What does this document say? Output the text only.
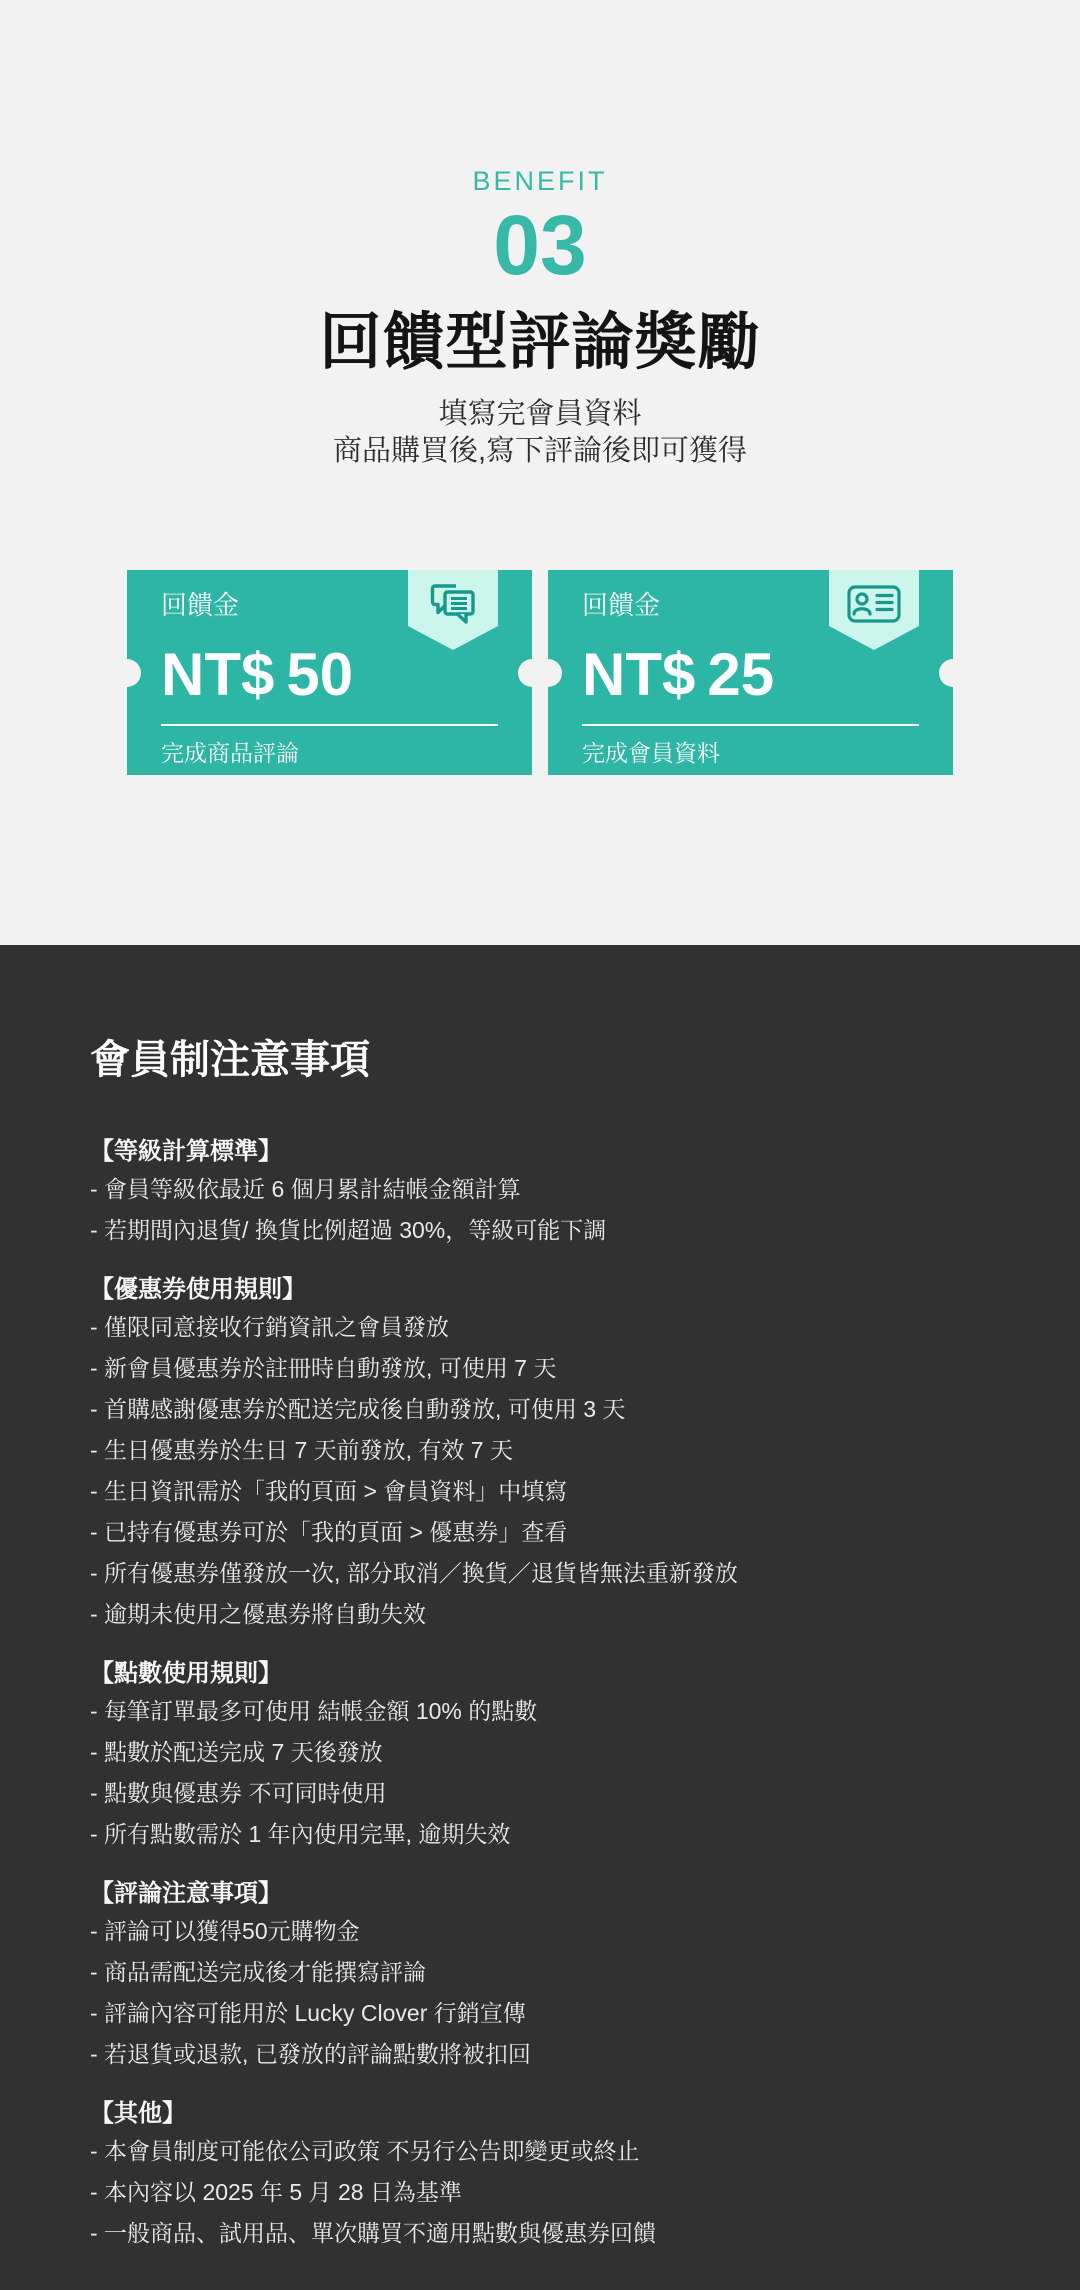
BENEFIT
03
回饋型評論獎勵
填寫完會員資料
商品購買後,寫下評論後即可獲得
回饋金
NT$ 50
完成商品評論
回饋金
NT$ 25
完成會員資料
會員制注意事項
【等級計算標準】
- 會員等級依最近 6 個月累計結帳金額計算
- 若期間內退貨/ 換貨比例超過 30%，等級可能下調
【優惠券使用規則】
- 僅限同意接收行銷資訊之會員發放
- 新會員優惠券於註冊時自動發放, 可使用 7 天
- 首購感謝優惠券於配送完成後自動發放, 可使用 3 天
- 生日優惠券於生日 7 天前發放, 有效 7 天
- 生日資訊需於「我的頁面 > 會員資料」中填寫
- 已持有優惠券可於「我的頁面 > 優惠券」查看
- 所有優惠券僅發放一次, 部分取消／換貨／退貨皆無法重新發放
- 逾期未使用之優惠券將自動失效
【點數使用規則】
- 每筆訂單最多可使用 結帳金額 10% 的點數
- 點數於配送完成 7 天後發放
- 點數與優惠券 不可同時使用
- 所有點數需於 1 年內使用完畢, 逾期失效
【評論注意事項】
- 評論可以獲得50元購物金
- 商品需配送完成後才能撰寫評論
- 評論內容可能用於 Lucky Clover 行銷宣傳
- 若退貨或退款, 已發放的評論點數將被扣回
【其他】
- 本會員制度可能依公司政策 不另行公告即變更或終止
- 本內容以 2025 年 5 月 28 日為基準
- 一般商品、試用品、單次購買不適用點數與優惠券回饋
